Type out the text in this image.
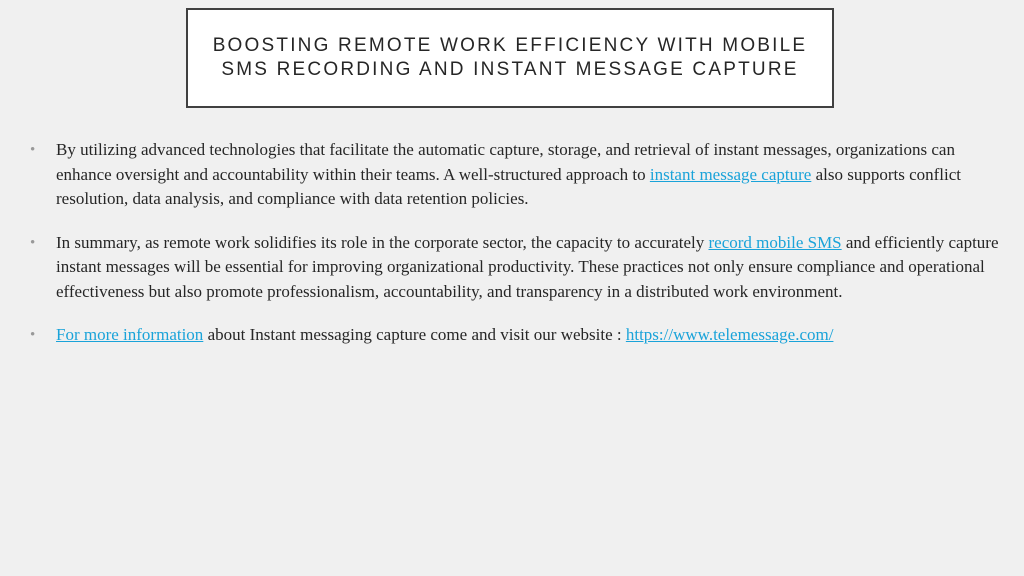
BOOSTING REMOTE WORK EFFICIENCY WITH MOBILE
SMS RECORDING AND INSTANT MESSAGE CAPTURE
• By utilizing advanced technologies that facilitate the automatic capture, storage, and retrieval of instant messages, organizations can enhance oversight and accountability within their teams. A well-structured approach to instant message capture also supports conflict resolution, data analysis, and compliance with data retention policies.
• In summary, as remote work solidifies its role in the corporate sector, the capacity to accurately record mobile SMS and efficiently capture instant messages will be essential for improving organizational productivity. These practices not only ensure compliance and operational effectiveness but also promote professionalism, accountability, and transparency in a distributed work environment.
• For more information about Instant messaging capture come and visit our website : https://www.telemessage.com/
